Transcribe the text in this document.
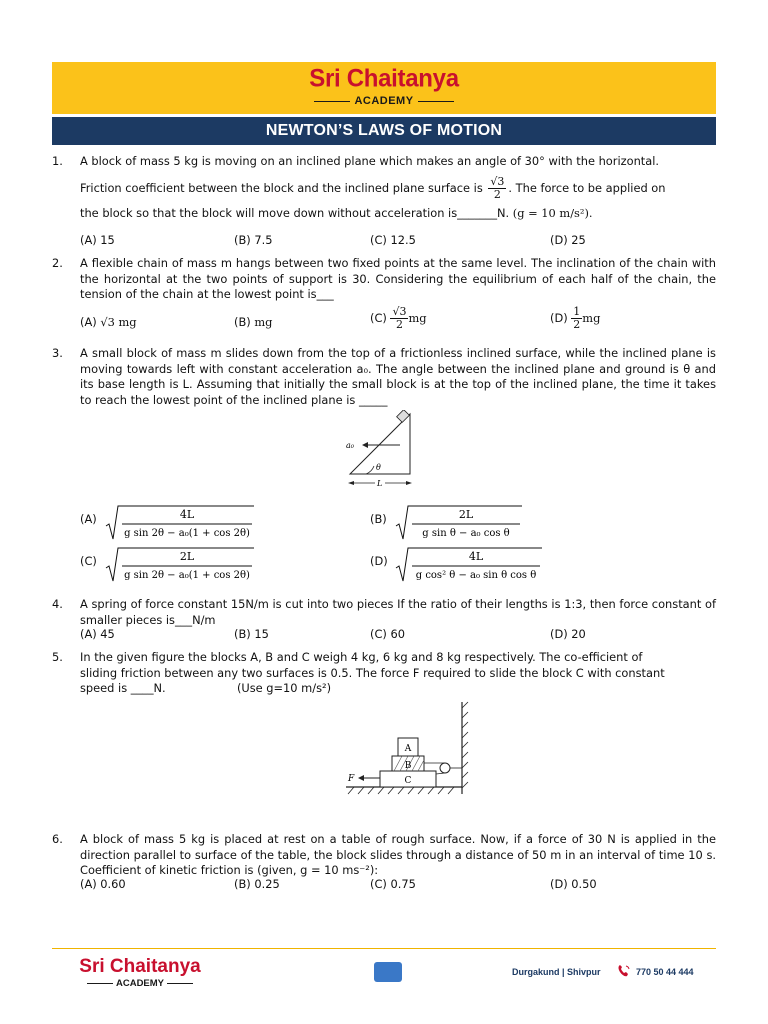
Sri Chaitanya
ACADEMY
NEWTON’S LAWS OF MOTION
1.	A block of mass 5 kg is moving on an inclined plane which makes an angle of 30° with the horizontal.
Friction coefficient between the block and the inclined plane surface is $\frac{√3}{2}$ . The force to be applied on
the block so that the block will move down without acceleration is_______N. (g = 10 m/s²).
(A) 15	(B) 7.5	(C) 12.5	(D) 25
2.	A flexible chain of mass m hangs between two fixed points at the same level. The inclination of the chain with the horizontal at the two points of support is 30. Considering the equilibrium of each half of the chain, the tension of the chain at the lowest point is___
(A) √3 mg	(B) mg	$(C) \frac{√3}{2}$ mg	$(D) \frac{1}{2}$ mg
3.	A small block of mass m slides down from the top of a frictionless inclined surface, while the inclined plane is moving towards left with constant acceleration a₀. The angle between the inclined plane and ground is θ and its base length is L. Assuming that initially the small block is at the top of the inclined plane, the time it takes to reach the lowest point of the inclined plane is _____
a₀
θ
L
(A)	4L
g sin 2θ − a₀(1 + cos 2θ)
(B)	2L
g sin θ − a₀ cos θ
(C)	2L
g sin 2θ − a₀(1 + cos 2θ)
(D)	4L
g cos² θ − a₀ sin θ cos θ
4.	A spring of force constant 15N/m is cut into two pieces If the ratio of their lengths is 1:3, then force constant of smaller pieces is___N/m
(A) 45	(B) 15	(C) 60	(D) 20
5.	In the given figure the blocks A, B and C weigh 4 kg, 6 kg and 8 kg respectively. The co-efficient of
sliding friction between any two surfaces is 0.5. The force F required to slide the block C with constant
speed is ____N.	(Use g=10 m/s²)
C
B
A
F
6.	A block of mass 5 kg is placed at rest on a table of rough surface. Now, if a force of 30 N is applied in the direction parallel to surface of the table, the block slides through a distance of 50 m in an interval of time 10 s. Coefficient of kinetic friction is (given, g = 10 ms⁻²):
(A) 0.60	(B) 0.25	(C) 0.75	(D) 0.50
Sri Chaitanya
ACADEMY
Durgakund | Shivpur	770 50 44 444
